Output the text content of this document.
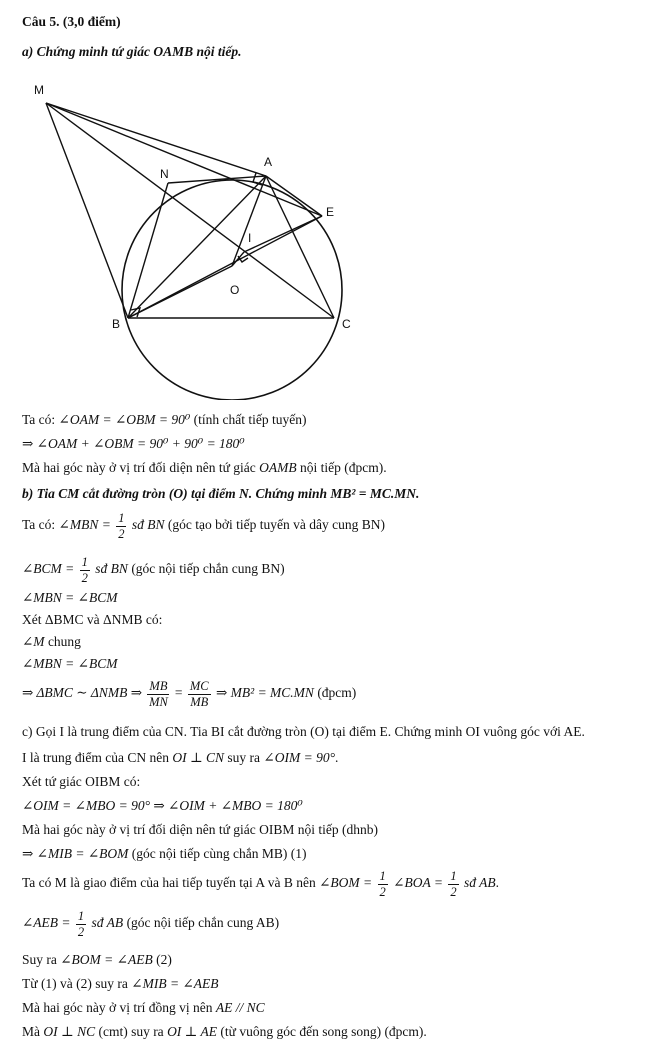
Câu 5. (3,0 điểm)
a) Chứng minh tứ giác OAMB nội tiếp.
M
A
N
E
I
O
B	C
Ta có: ∠OAM = ∠OBM = 90⁰ (tính chất tiếp tuyến)
⇒ ∠OAM + ∠OBM = 90⁰ + 90⁰ = 180⁰
Mà hai góc này ở vị trí đối diện nên tứ giác OAMB nội tiếp (đpcm).
b) Tia CM cắt đường tròn (O) tại điểm N. Chứng minh MB² = MC.MN.
Ta có: ∠MBN = $\frac{1}{2}$ sđ BN (góc tạo bởi tiếp tuyến và dây cung BN)
∠BCM = $\frac{1}{2}$ sđ BN (góc nội tiếp chắn cung BN)
∠MBN = ∠BCM
Xét ΔBMC và ΔNMB có:
∠M chung
∠MBN = ∠BCM
⇒ ΔBMC ∼ ΔNMB ⇒ $\frac{MB}{MN} = \frac{MC}{MB}$ ⇒ MB² = MC.MN (đpcm)
c) Gọi I là trung điểm của CN. Tia BI cắt đường tròn (O) tại điểm E. Chứng minh OI vuông góc với AE.
I là trung điểm của CN nên OI ⊥ CN suy ra ∠OIM = 90°.
Xét tứ giác OIBM có:
∠OIM = ∠MBO = 90° ⇒ ∠OIM + ∠MBO = 180⁰
Mà hai góc này ở vị trí đối diện nên tứ giác OIBM nội tiếp (dhnb)
⇒ ∠MIB = ∠BOM (góc nội tiếp cùng chắn MB) (1)
Ta có M là giao điểm của hai tiếp tuyến tại A và B nên ∠BOM = $\frac{1}{2}$ ∠BOA = $\frac{1}{2}$ sđ AB.
∠AEB = $\frac{1}{2}$ sđ AB (góc nội tiếp chắn cung AB)
Suy ra ∠BOM = ∠AEB (2)
Từ (1) và (2) suy ra ∠MIB = ∠AEB
Mà hai góc này ở vị trí đồng vị nên AE // NC
Mà OI ⊥ NC (cmt) suy ra OI ⊥ AE (từ vuông góc đến song song) (đpcm).
